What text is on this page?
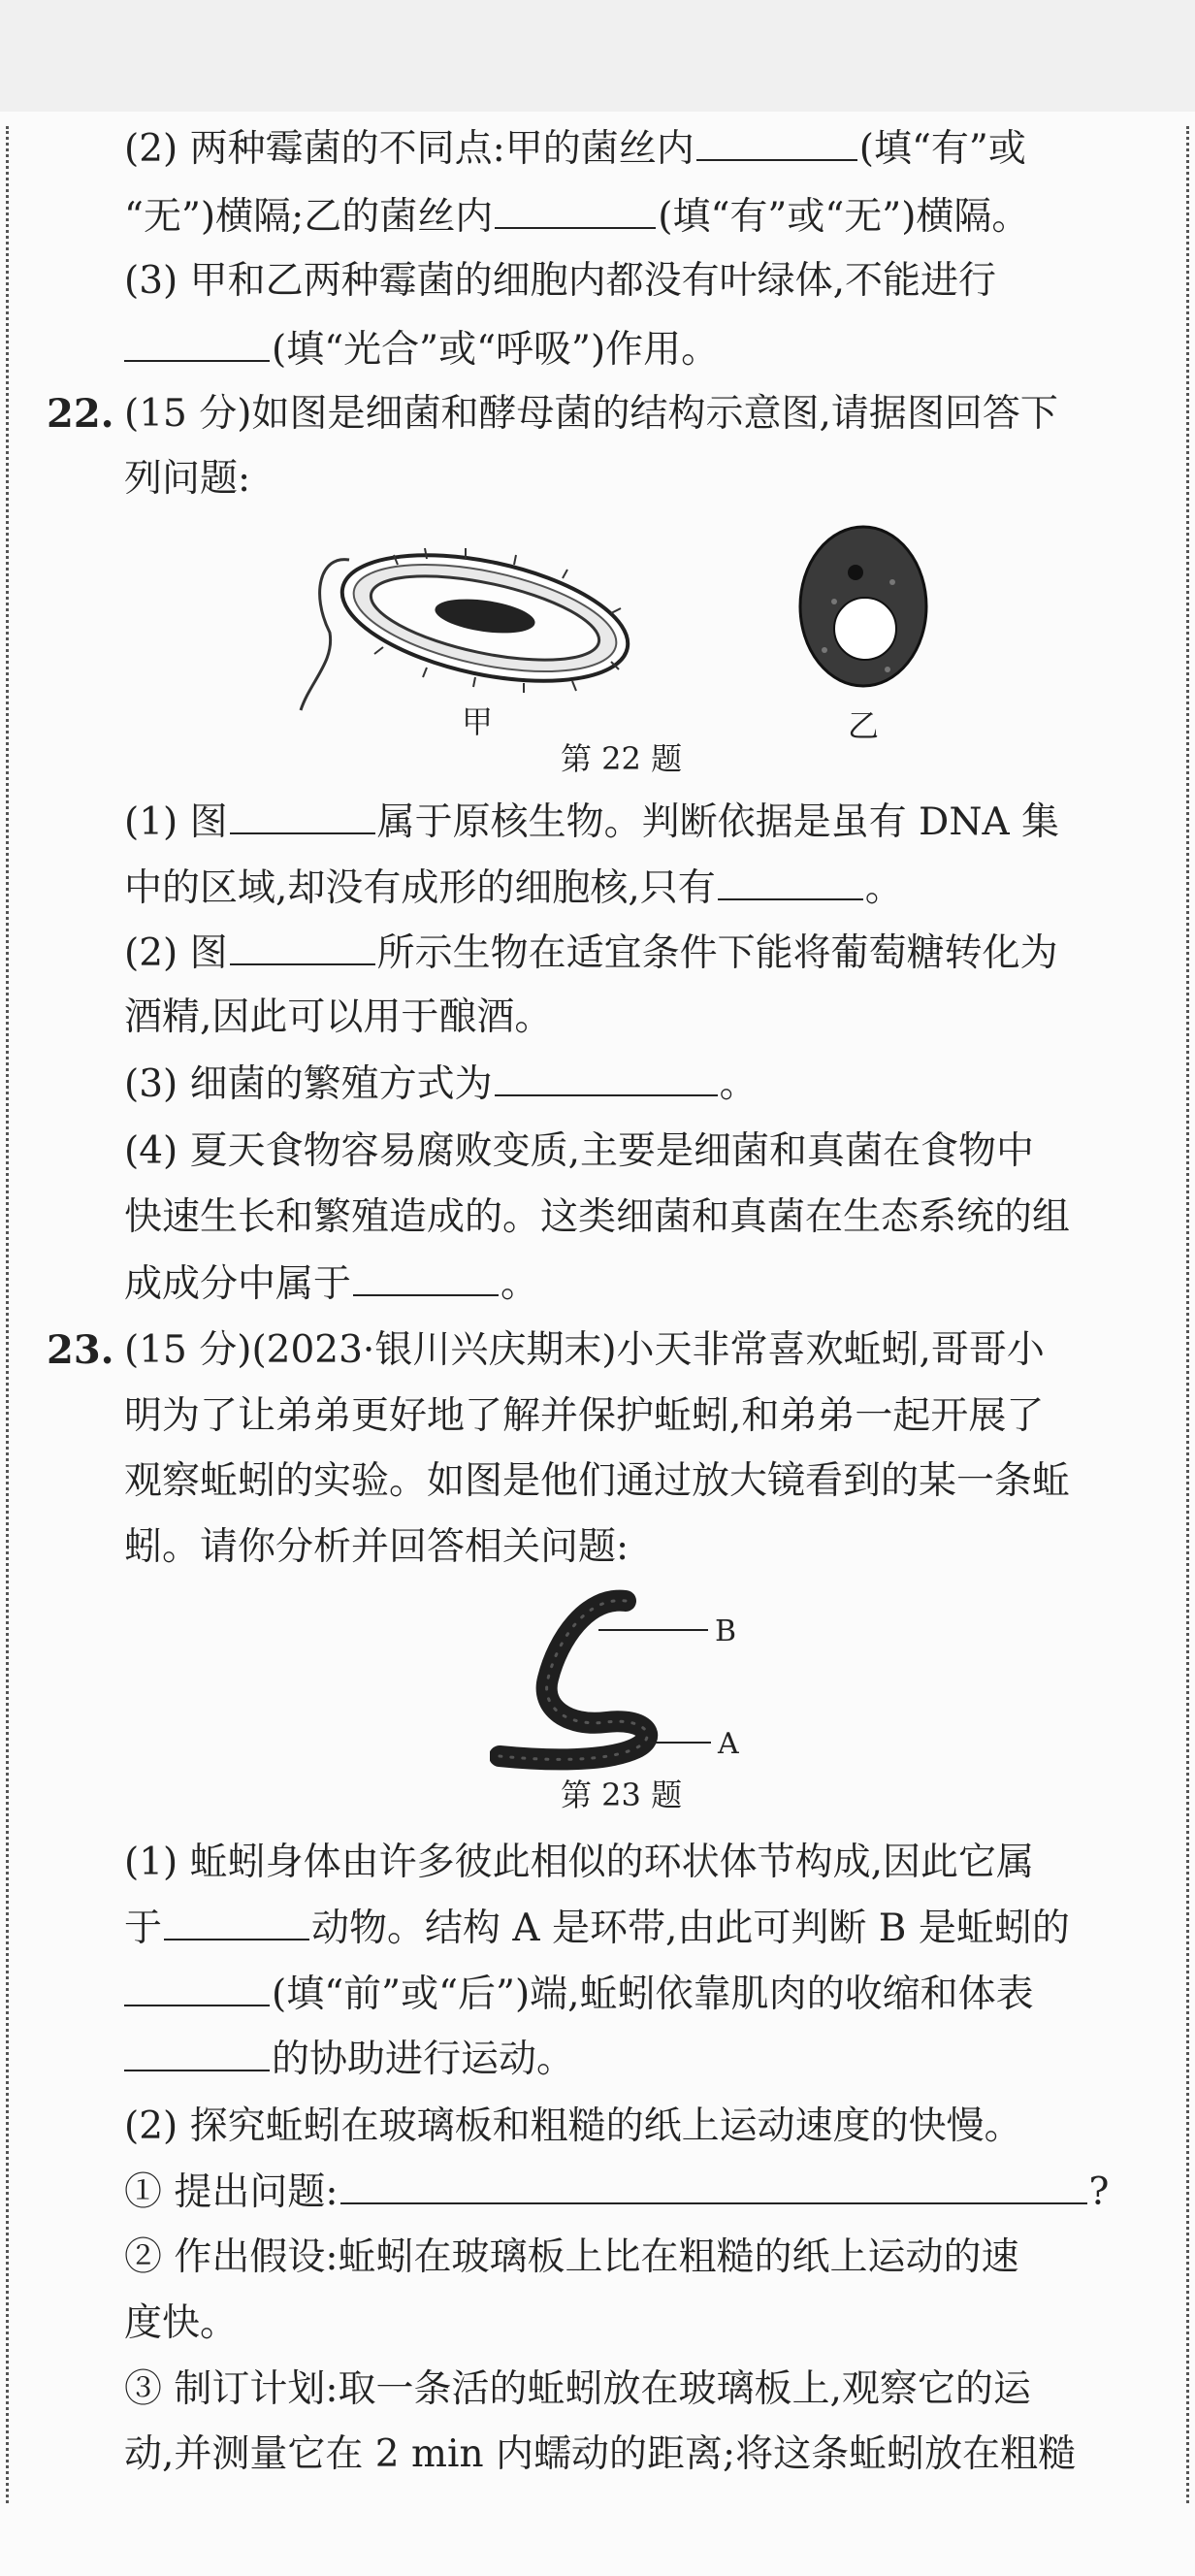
(2) 两种霉菌的不同点:甲的菌丝内	(填“有”或
“无”)横隔;乙的菌丝内	(填“有”或“无”)横隔。
(3) 甲和乙两种霉菌的细胞内都没有叶绿体,不能进行
(填“光合”或“呼吸”)作用。
22. (15 分)如图是细菌和酵母菌的结构示意图,请据图回答下
列问题:
甲	乙
第 22 题
(1) 图	属于原核生物。判断依据是虽有 DNA 集
中的区域,却没有成形的细胞核,只有	。
(2) 图	所示生物在适宜条件下能将葡萄糖转化为
酒精,因此可以用于酿酒。
(3) 细菌的繁殖方式为	。
(4) 夏天食物容易腐败变质,主要是细菌和真菌在食物中
快速生长和繁殖造成的。这类细菌和真菌在生态系统的组
成成分中属于	。
23. (15 分)(2023·银川兴庆期末)小天非常喜欢蚯蚓,哥哥小
明为了让弟弟更好地了解并保护蚯蚓,和弟弟一起开展了
观察蚯蚓的实验。如图是他们通过放大镜看到的某一条蚯
蚓。请你分析并回答相关问题:
B
A
第 23 题
(1) 蚯蚓身体由许多彼此相似的环状体节构成,因此它属
于	动物。结构 A 是环带,由此可判断 B 是蚯蚓的
(填“前”或“后”)端,蚯蚓依靠肌肉的收缩和体表
的协助进行运动。
(2) 探究蚯蚓在玻璃板和粗糙的纸上运动速度的快慢。
① 提出问题:	?
② 作出假设:蚯蚓在玻璃板上比在粗糙的纸上运动的速
度快。
③ 制订计划:取一条活的蚯蚓放在玻璃板上,观察它的运
动,并测量它在 2 min 内蠕动的距离;将这条蚯蚓放在粗糙
